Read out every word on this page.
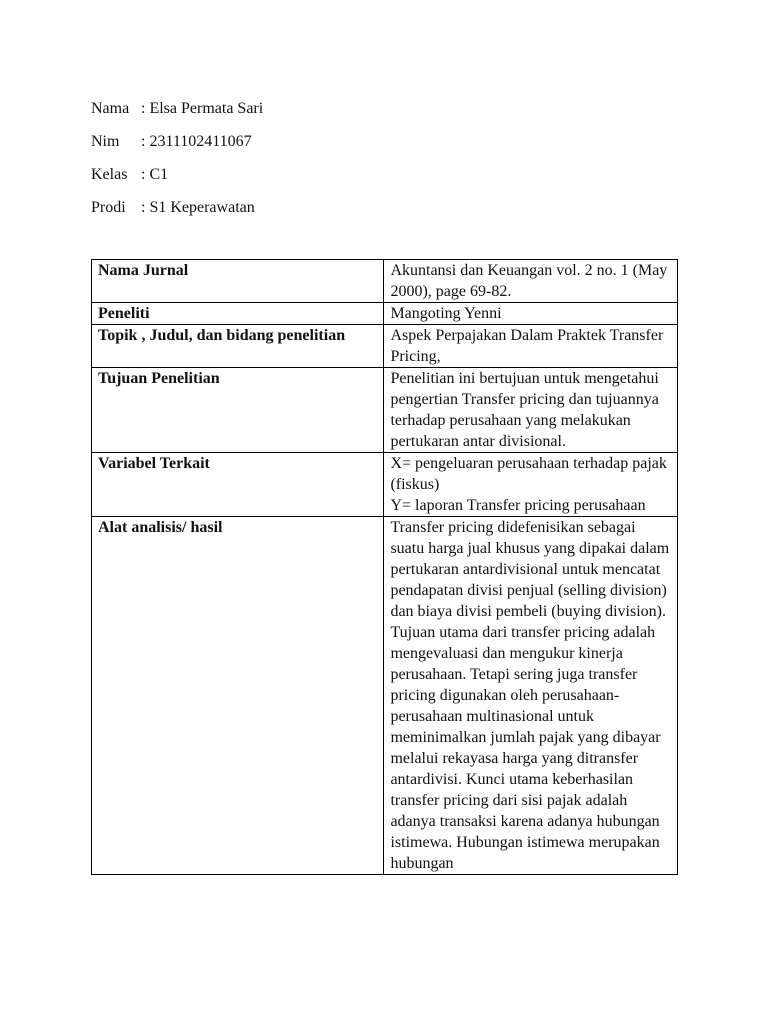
Nama : Elsa Permata Sari
Nim	: 2311102411067
Kelas : C1
Prodi : S1 Keperawatan
Nama Jurnal	Akuntansi dan Keuangan vol. 2 no. 1 (May 2000), page 69-82.
Peneliti	Mangoting Yenni
Topik , Judul, dan bidang penelitian	Aspek Perpajakan Dalam Praktek Transfer Pricing,
Tujuan Penelitian	Penelitian ini bertujuan untuk mengetahui pengertian Transfer pricing dan tujuannya terhadap perusahaan yang melakukan pertukaran antar divisional.
Variabel Terkait	X= pengeluaran perusahaan terhadap pajak (fiskus)
Y= laporan Transfer pricing perusahaan

Alat analisis/ hasil	Transfer pricing didefenisikan sebagai suatu harga jual khusus yang dipakai dalam pertukaran antardivisional untuk mencatat pendapatan divisi penjual (selling division) dan biaya divisi pembeli (buying division). Tujuan utama dari transfer pricing adalah mengevaluasi dan mengukur kinerja perusahaan. Tetapi sering juga transfer pricing digunakan oleh perusahaan-perusahaan multinasional untuk meminimalkan jumlah pajak yang dibayar melalui rekayasa harga yang ditransfer antardivisi. Kunci utama keberhasilan transfer pricing dari sisi pajak adalah adanya transaksi karena adanya hubungan istimewa. Hubungan istimewa merupakan hubungan
